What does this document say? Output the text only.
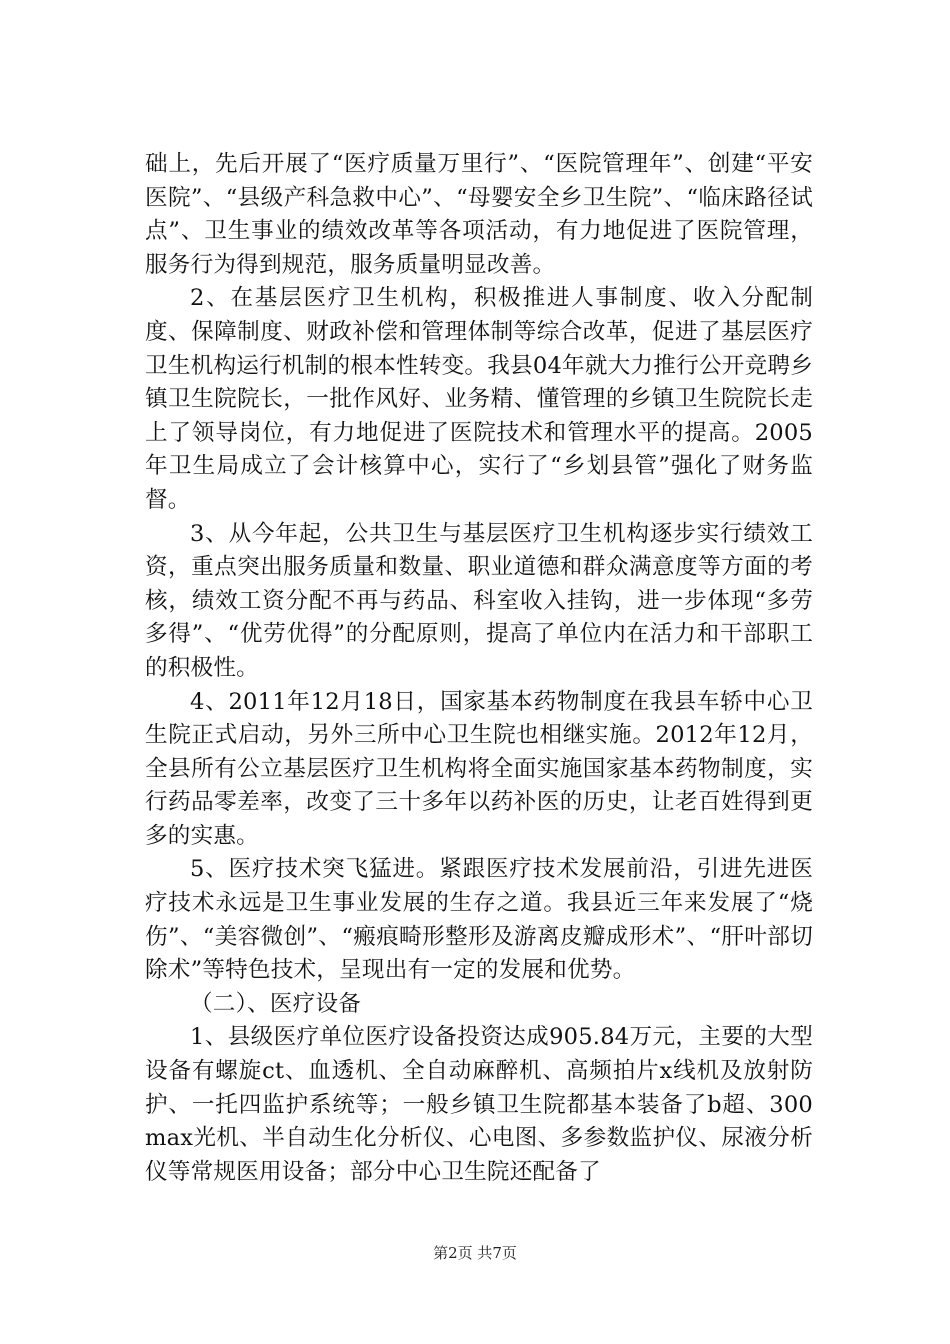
础上，先后开展了“医疗质量万里行”、“医院管理年”、创建“平安医院”、“县级产科急救中心”、“母婴安全乡卫生院”、“临床路径试点”、卫生事业的绩效改革等各项活动，有力地促进了医院管理，服务行为得到规范，服务质量明显改善。

2、在基层医疗卫生机构，积极推进人事制度、收入分配制度、保障制度、财政补偿和管理体制等综合改革，促进了基层医疗卫生机构运行机制的根本性转变。我县04年就大力推行公开竞聘乡镇卫生院院长，一批作风好、业务精、懂管理的乡镇卫生院院长走上了领导岗位，有力地促进了医院技术和管理水平的提高。2005年卫生局成立了会计核算中心，实行了“乡划县管”强化了财务监督。

3、从今年起，公共卫生与基层医疗卫生机构逐步实行绩效工资，重点突出服务质量和数量、职业道德和群众满意度等方面的考核，绩效工资分配不再与药品、科室收入挂钩，进一步体现“多劳多得”、“优劳优得”的分配原则，提高了单位内在活力和干部职工的积极性。

4、2011年12月18日，国家基本药物制度在我县车轿中心卫生院正式启动，另外三所中心卫生院也相继实施。2012年12月，全县所有公立基层医疗卫生机构将全面实施国家基本药物制度，实行药品零差率，改变了三十多年以药补医的历史，让老百姓得到更多的实惠。

5、医疗技术突飞猛进。紧跟医疗技术发展前沿，引进先进医疗技术永远是卫生事业发展的生存之道。我县近三年来发展了“烧伤”、“美容微创”、“瘢痕畸形整形及游离皮瓣成形术”、“肝叶部切除术”等特色技术，呈现出有一定的发展和优势。

（二）、医疗设备

1、县级医疗单位医疗设备投资达成905.84万元，主要的大型设备有螺旋ct、血透机、全自动麻醉机、高频拍片x线机及放射防护、一托四监护系统等；一般乡镇卫生院都基本装备了b超、300max光机、半自动生化分析仪、心电图、多参数监护仪、尿液分析仪等常规医用设备；部分中心卫生院还配备了

第2页 共7页
